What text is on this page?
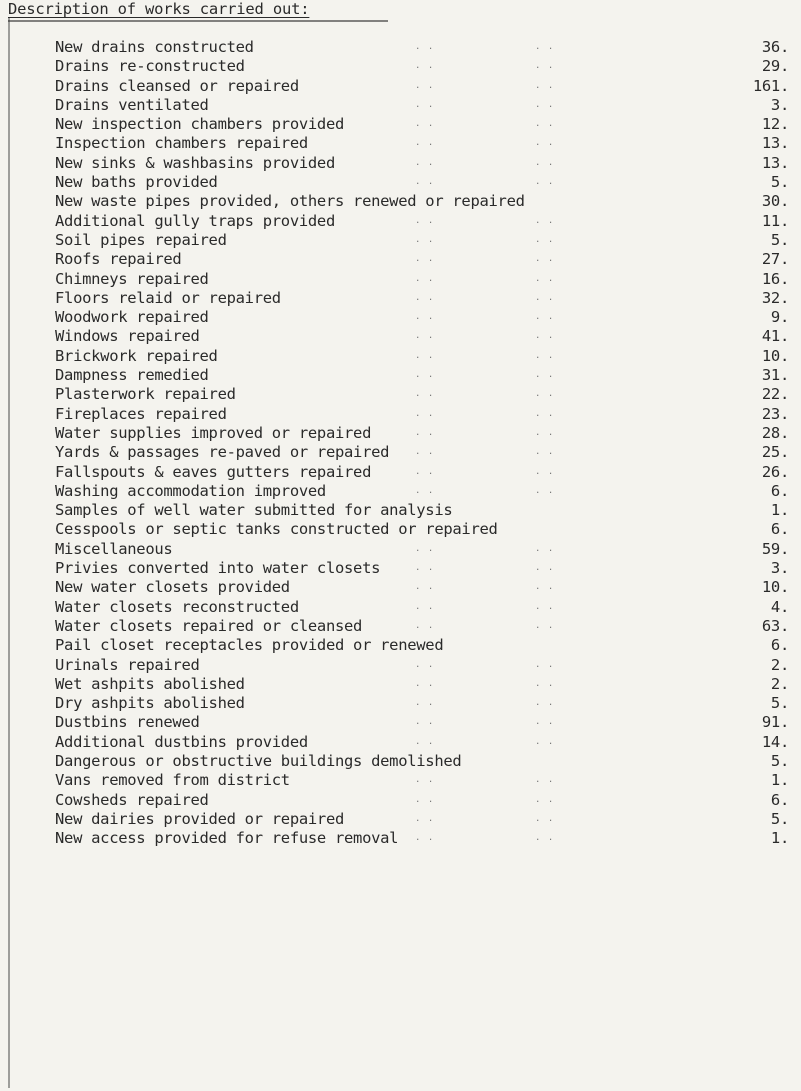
Description of works carried out:
New drains constructed	. .	. .	36.
Drains re-constructed	. .	. .	29.
Drains cleansed or repaired	. .	. .	161.
Drains ventilated	. .	. .	3.
New inspection chambers provided	. .	. .	12.
Inspection chambers repaired	. .	. .	13.
New sinks & washbasins provided	. .	. .	13.
New baths provided	. .	. .	5.
New waste pipes provided, others renewed or repaired	30.
Additional gully traps provided	. .	. .	11.
Soil pipes repaired	. .	. .	5.
Roofs repaired	. .	. .	27.
Chimneys repaired	. .	. .	16.
Floors relaid or repaired	. .	. .	32.
Woodwork repaired	. .	. .	9.
Windows repaired	. .	. .	41.
Brickwork repaired	. .	. .	10.
Dampness remedied	. .	. .	31.
Plasterwork repaired	. .	. .	22.
Fireplaces repaired	. .	. .	23.
Water supplies improved or repaired	. .	. .	28.
Yards & passages re-paved or repaired	. .	. .	25.
Fallspouts & eaves gutters repaired	. .	. .	26.
Washing accommodation improved	. .	. .	6.
Samples of well water submitted for analysis	1.
Cesspools or septic tanks constructed or repaired	6.
Miscellaneous	. .	. .	59.
Privies converted into water closets	. .	. .	3.
New water closets provided	. .	. .	10.
Water closets reconstructed	. .	. .	4.
Water closets repaired or cleansed	. .	. .	63.
Pail closet receptacles provided or renewed	6.
Urinals repaired	. .	. .	2.
Wet ashpits abolished	. .	. .	2.
Dry ashpits abolished	. .	. .	5.
Dustbins renewed	. .	. .	91.
Additional dustbins provided	. .	. .	14.
Dangerous or obstructive buildings demolished	5.
Vans removed from district	. .	. .	1.
Cowsheds repaired	. .	. .	6.
New dairies provided or repaired	. .	. .	5.
New access provided for refuse removal . .	. .	1.
